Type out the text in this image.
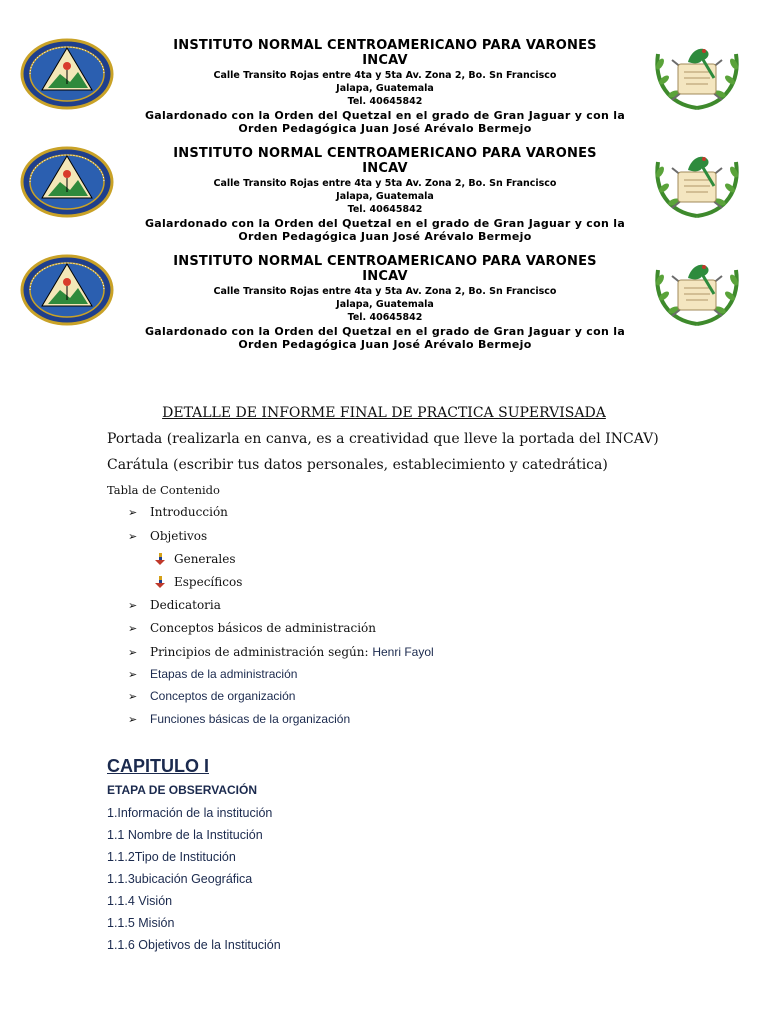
INSTITUTO NORMAL CENTROAMERICANO PARA VARONES
INCAV
Calle Transito Rojas entre 4ta y 5ta Av. Zona 2, Bo. Sn Francisco
Jalapa, Guatemala
Tel. 40645842
Galardonado con la Orden del Quetzal en el grado de Gran Jaguar y con la
Orden Pedagógica Juan José Arévalo Bermejo
INSTITUTO NORMAL CENTROAMERICANO PARA VARONES
INCAV
Calle Transito Rojas entre 4ta y 5ta Av. Zona 2, Bo. Sn Francisco
Jalapa, Guatemala
Tel. 40645842
Galardonado con la Orden del Quetzal en el grado de Gran Jaguar y con la
Orden Pedagógica Juan José Arévalo Bermejo
INSTITUTO NORMAL CENTROAMERICANO PARA VARONES
INCAV
Calle Transito Rojas entre 4ta y 5ta Av. Zona 2, Bo. Sn Francisco
Jalapa, Guatemala
Tel. 40645842
Galardonado con la Orden del Quetzal en el grado de Gran Jaguar y con la
Orden Pedagógica Juan José Arévalo Bermejo
DETALLE DE INFORME FINAL DE PRACTICA SUPERVISADA
Portada (realizarla en canva, es a creatividad que lleve la portada del INCAV)
Carátula (escribir tus datos personales, establecimiento y catedrática)
Tabla de Contenido
➢ Introducción
➢ Objetivos
Generales
Específicos
➢ Dedicatoria
➢ Conceptos básicos de administración
➢ Principios de administración según: Henri Fayol
➢ Etapas de la administración
➢ Conceptos de organización
➢ Funciones básicas de la organización
CAPITULO I
ETAPA DE OBSERVACIÓN
1.Información de la institución
1.1 Nombre de la Institución
1.1.2Tipo de Institución
1.1.3ubicación Geográfica
1.1.4 Visión
1.1.5 Misión
1.1.6 Objetivos de la Institución
